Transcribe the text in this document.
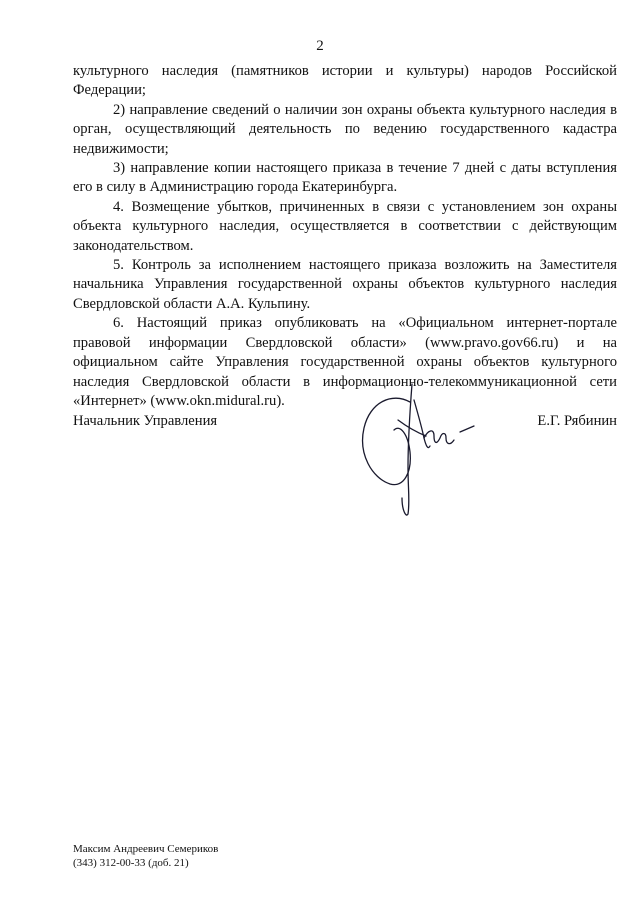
2

культурного наследия (памятников истории и культуры) народов Российской Федерации;

2) направление сведений о наличии зон охраны объекта культурного наследия в орган, осуществляющий деятельность по ведению государственного кадастра недвижимости;

3) направление копии настоящего приказа в течение 7 дней с даты вступления его в силу в Администрацию города Екатеринбурга.

4. Возмещение убытков, причиненных в связи с установлением зон охраны объекта культурного наследия, осуществляется в соответствии с действующим законодательством.

5. Контроль за исполнением настоящего приказа возложить на Заместителя начальника Управления государственной охраны объектов культурного наследия Свердловской области А.А. Кульпину.

6. Настоящий приказ опубликовать на «Официальном интернет-портале правовой информации Свердловской области» (www.pravo.gov66.ru) и на официальном сайте Управления государственной охраны объектов культурного наследия Свердловской области в информационно-телекоммуникационной сети «Интернет» (www.okn.midural.ru).

Начальник Управления	Е.Г. Рябинин
Максим Андреевич Семериков
(343) 312-00-33 (доб. 21)
